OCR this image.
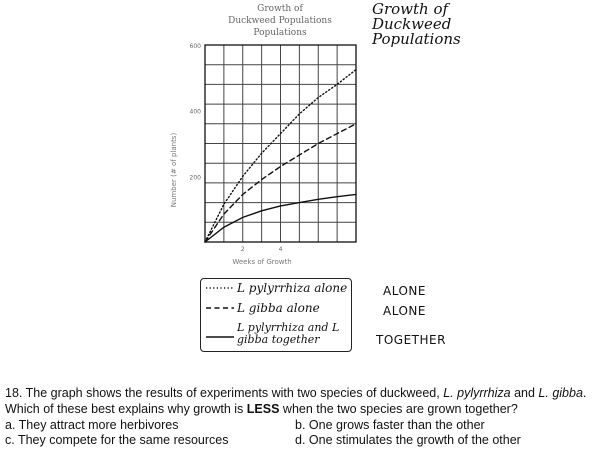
Growth of
Duckweed Populations
Populations
Growth of
Duckweed
Populations
200
400
600
2	4
Weeks of Growth
Number (# of plants)
L pylyrrhiza alone
L gibba alone
L pylyrrhiza and L gibba together
ALONE
ALONE
TOGETHER
18. The graph shows the results of experiments with two species of duckweed, L. pylyrrhiza and L. gibba. Which of these best explains why growth is LESS when the two species are grown together?
a. They attract more herbivores	b. One grows faster than the other
c. They compete for the same resources	d. One stimulates the growth of the other
